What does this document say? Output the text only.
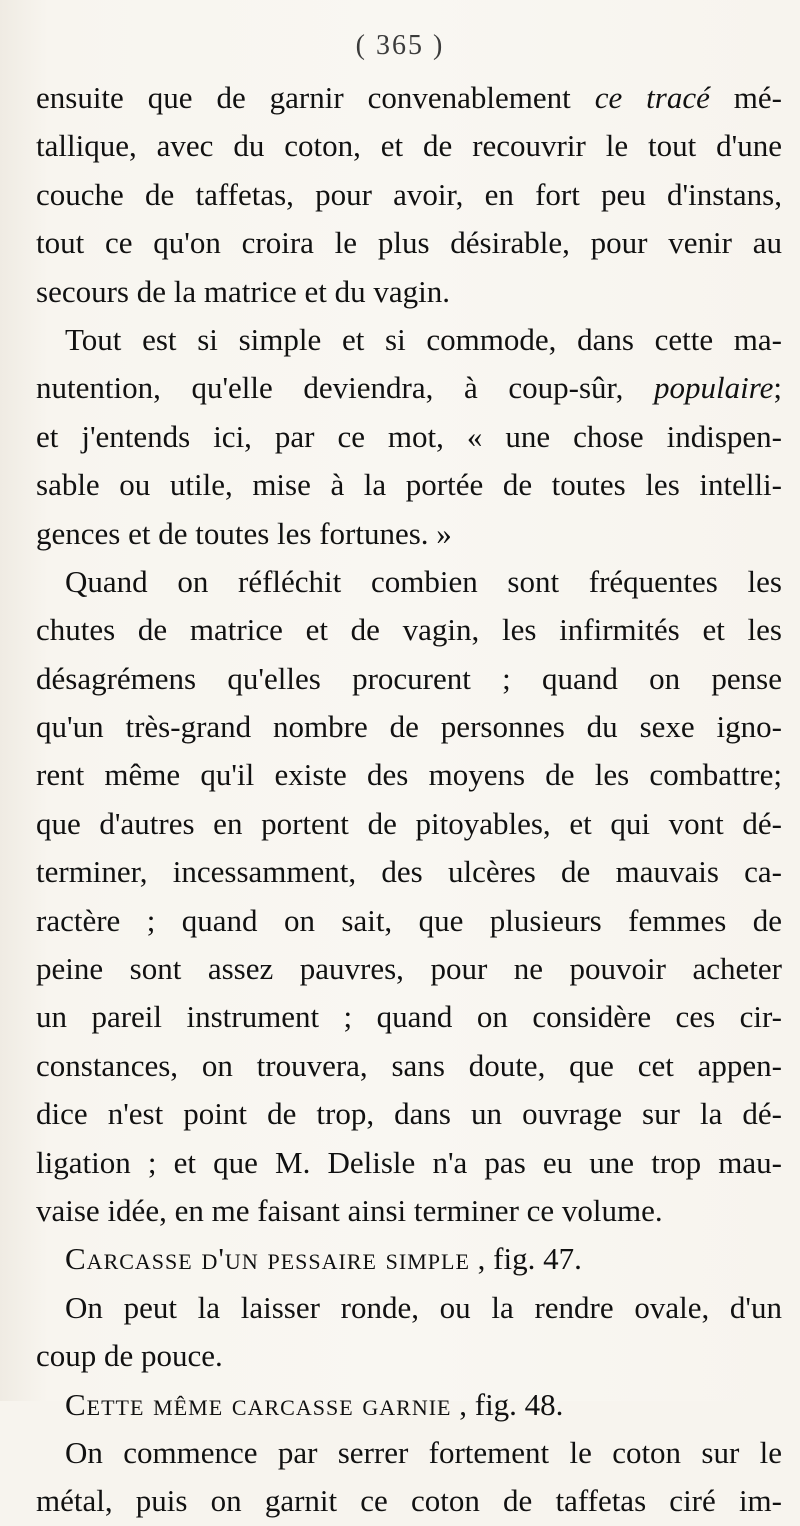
( 365 )
ensuite que de garnir convenablement ce tracé mé-
tallique, avec du coton, et de recouvrir le tout d'une
couche de taffetas, pour avoir, en fort peu d'instans,
tout ce qu'on croira le plus désirable, pour venir au
secours de la matrice et du vagin.
Tout est si simple et si commode, dans cette ma-
nutention, qu'elle deviendra, à coup-sûr, populaire;
et j'entends ici, par ce mot, « une chose indispen-
sable ou utile, mise à la portée de toutes les intelli-
gences et de toutes les fortunes. »
Quand on réfléchit combien sont fréquentes les
chutes de matrice et de vagin, les infirmités et les
désagrémens qu'elles procurent ; quand on pense
qu'un très-grand nombre de personnes du sexe igno-
rent même qu'il existe des moyens de les combattre;
que d'autres en portent de pitoyables, et qui vont dé-
terminer, incessamment, des ulcères de mauvais ca-
ractère ; quand on sait, que plusieurs femmes de
peine sont assez pauvres, pour ne pouvoir acheter
un pareil instrument ; quand on considère ces cir-
constances, on trouvera, sans doute, que cet appen-
dice n'est point de trop, dans un ouvrage sur la dé-
ligation ; et que M. Delisle n'a pas eu une trop mau-
vaise idée, en me faisant ainsi terminer ce volume.
Carcasse d'un pessaire simple , fig. 47.
On peut la laisser ronde, ou la rendre ovale, d'un
coup de pouce.
Cette même carcasse garnie , fig. 48.
On commence par serrer fortement le coton sur le
métal, puis on garnit ce coton de taffetas ciré im-
